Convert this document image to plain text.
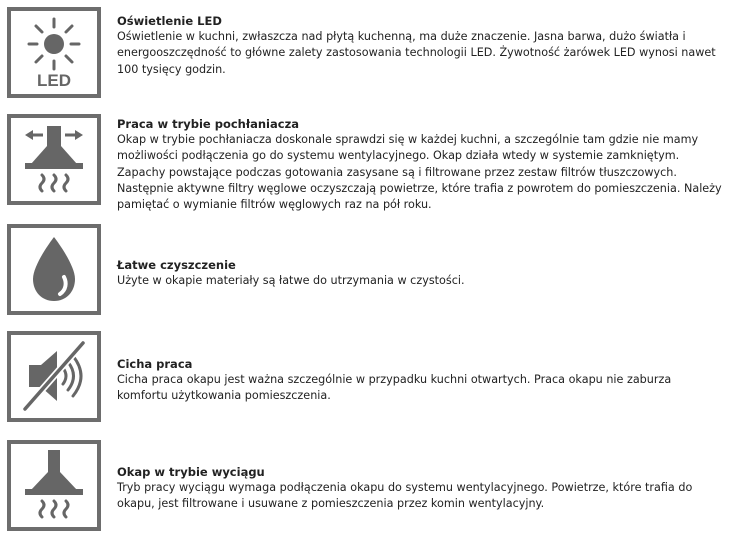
LED
Oświetlenie LED
Oświetlenie w kuchni, zwłaszcza nad płytą kuchenną, ma duże znaczenie. Jasna barwa, dużo światła i energooszczędność to główne zalety zastosowania technologii LED. Żywotność żarówek LED wynosi nawet 100 tysięcy godzin.
Praca w trybie pochłaniacza
Okap w trybie pochłaniacza doskonale sprawdzi się w każdej kuchni, a szczególnie tam gdzie nie mamy możliwości podłączenia go do systemu wentylacyjnego. Okap działa wtedy w systemie zamkniętym. Zapachy powstające podczas gotowania zasysane są i filtrowane przez zestaw filtrów tłuszczowych. Następnie aktywne filtry węglowe oczyszczają powietrze, które trafia z powrotem do pomieszczenia. Należy pamiętać o wymianie filtrów węglowych raz na pół roku.
Łatwe czyszczenie
Użyte w okapie materiały są łatwe do utrzymania w czystości.
Cicha praca
Cicha praca okapu jest ważna szczególnie w przypadku kuchni otwartych. Praca okapu nie zaburza komfortu użytkowania pomieszczenia.
Okap w trybie wyciągu
Tryb pracy wyciągu wymaga podłączenia okapu do systemu wentylacyjnego. Powietrze, które trafia do okapu, jest filtrowane i usuwane z pomieszczenia przez komin wentylacyjny.
